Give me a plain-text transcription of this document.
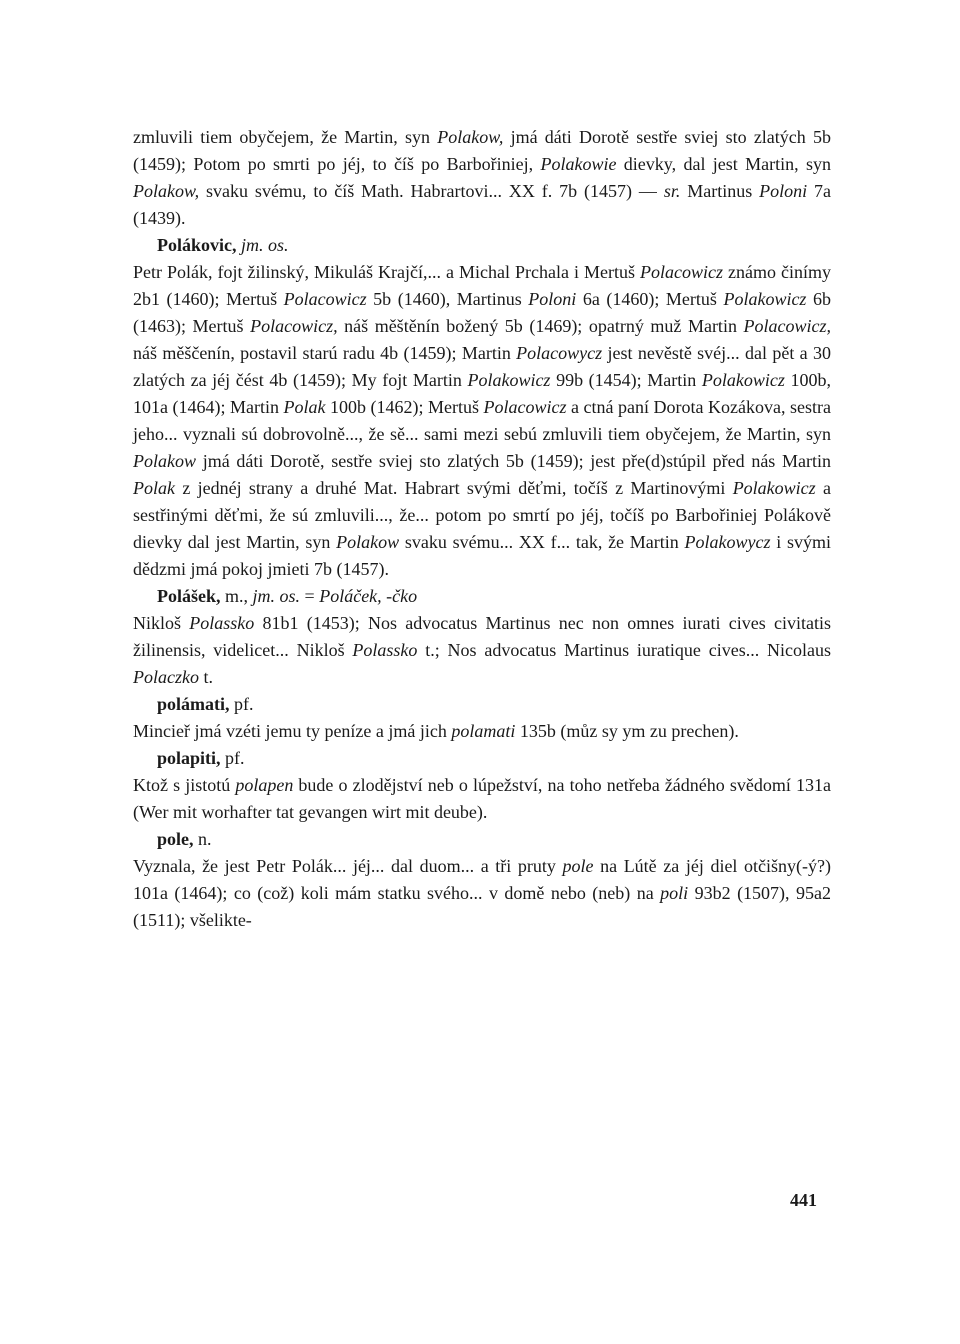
zmluvili tiem obyčejem, že Martin, syn Polakow, jmá dáti Dorotě sestře sviej sto zlatých 5b (1459); Potom po smrti po jéj, to číš po Barbořiniej, Polakowie dievky, dal jest Martin, syn Polakow, svaku svému, to číš Math. Habrartovi... XX f. 7b (1457) — sr. Martinus Poloni 7a (1439).

Polákovic, jm. os.

Petr Polák, fojt žilinský, Mikuláš Krajčí,... a Michal Prchala i Mertuš Polacowicz známo činímy 2b1 (1460); Mertuš Polacowicz 5b (1460), Martinus Poloni 6a (1460); Mertuš Polakowicz 6b (1463); Mertuš Polacowicz, náš měštěnín božený 5b (1469); opatrný muž Martin Polacowicz, náš měščenín, postavil starú radu 4b (1459); Martin Polacowycz jest nevěstě svéj... dal pět a 30 zlatých za jéj čést 4b (1459); My fojt Martin Polakowicz 99b (1454); Martin Polakowicz 100b, 101a (1464); Martin Polak 100b (1462); Mertuš Polacowicz a ctná paní Dorota Kozákova, sestra jeho... vyznali sú dobrovolně..., že sě... sami mezi sebú zmluvili tiem obyčejem, že Martin, syn Polakow jmá dáti Dorotě, sestře sviej sto zlatých 5b (1459); jest pře(d)stúpil před nás Martin Polak z jednéj strany a druhé Mat. Habrart svými děťmi, točíš z Martinovými Polakowicz a sestřinými děťmi, že sú zmluvili..., že... potom po smrtí po jéj, točíš po Barbořiniej Polákově dievky dal jest Martin, syn Polakow svaku svému... XX f... tak, že Martin Polakowycz i svými dědzmi jmá pokoj jmieti 7b (1457).

Polášek, m., jm. os. = Poláček, -čko

Nikloš Polassko 81b1 (1453); Nos advocatus Martinus nec non omnes iurati cives civitatis žilinensis, videlicet... Nikloš Polassko t.; Nos advocatus Martinus iuratique cives... Nicolaus Polaczko t.

polámati, pf.

Mincieř jmá vzéti jemu ty peníze a jmá jich polamati 135b (můz sy ym zu prechen).

polapiti, pf.

Ktož s jistotú polapen bude o zlodějství neb o lúpežství, na toho netřeba žádného svědomí 131a (Wer mit worhafter tat gevangen wirt mit deube).

pole, n.

Vyznala, že jest Petr Polák... jéj... dal duom... a tři pruty pole na Lútě za jéj diel otčišny(-ý?) 101a (1464); co (což) koli mám statku svého... v domě nebo (neb) na poli 93b2 (1507), 95a2 (1511); všelikte-

441
